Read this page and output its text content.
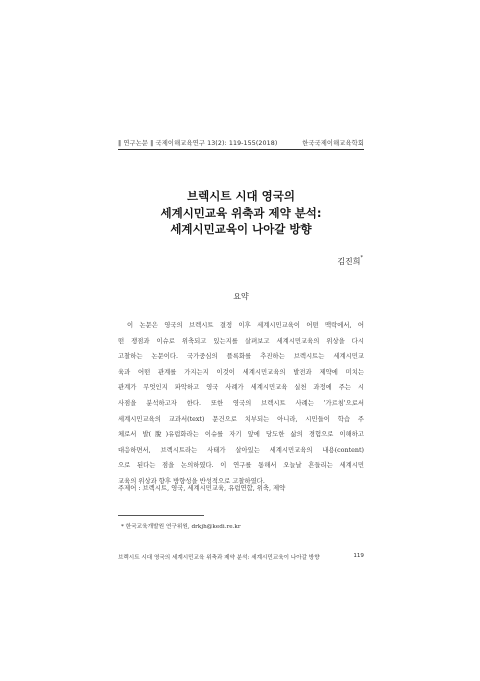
‖ 연구논문 ‖ 국제이해교육연구 13(2): 119-155(2018)	한국국제이해교육학회
브렉시트 시대 영국의
세계시민교육 위축과 제약 분석:
세계시민교육이 나아갈 방향
김진희*
요약
이 논문은 영국의 브렉시트 결정 이후 세계시민교육이 어떤 맥락에서, 어
떤 쟁점과 이슈로 위축되고 있는지를 살펴보고 세계시민교육의 위상을 다시
고찰하는 논문이다. 국가중심의 플록화를 추진하는 브렉시트는 세계시민교
육과 어떤 관계를 가지는지 이것이 세계시민교육의 발전과 제약에 미치는
관계가 무엇인지 파악하고 영국 사례가 세계시민교육 실천 과정에 주는 시
사점을 분석하고자 한다. 또한 영국의 브렉시트 사례는 '가르침'으로서
세계시민교육의 교과서(text) 문건으로 치부되는 아니라, 시민들이 학습 주
체로서 발(脫)유럽화라는 이슈를 자기 앞에 당도한 삶의 경험으로 이해하고
대응하면서, 브렉시트라는 사태가 살아있는 세계시민교육의 내용(content)
으로 된다는 점을 논의하였다. 이 연구를 통해서 오늘날 흔들리는 세계시민
교육의 위상과 향후 방향성을 반성적으로 고찰하였다.
주제어 : 브렉시트, 영국, 세계시민교육, 유럽연합, 위축, 제약
* 한국교육개발원 연구위원, drkjh@kedi.re.kr
브렉시트 시대 영국의 세계시민교육 위축과 제약 분석: 세계시민교육이 나아갈 방향	119
